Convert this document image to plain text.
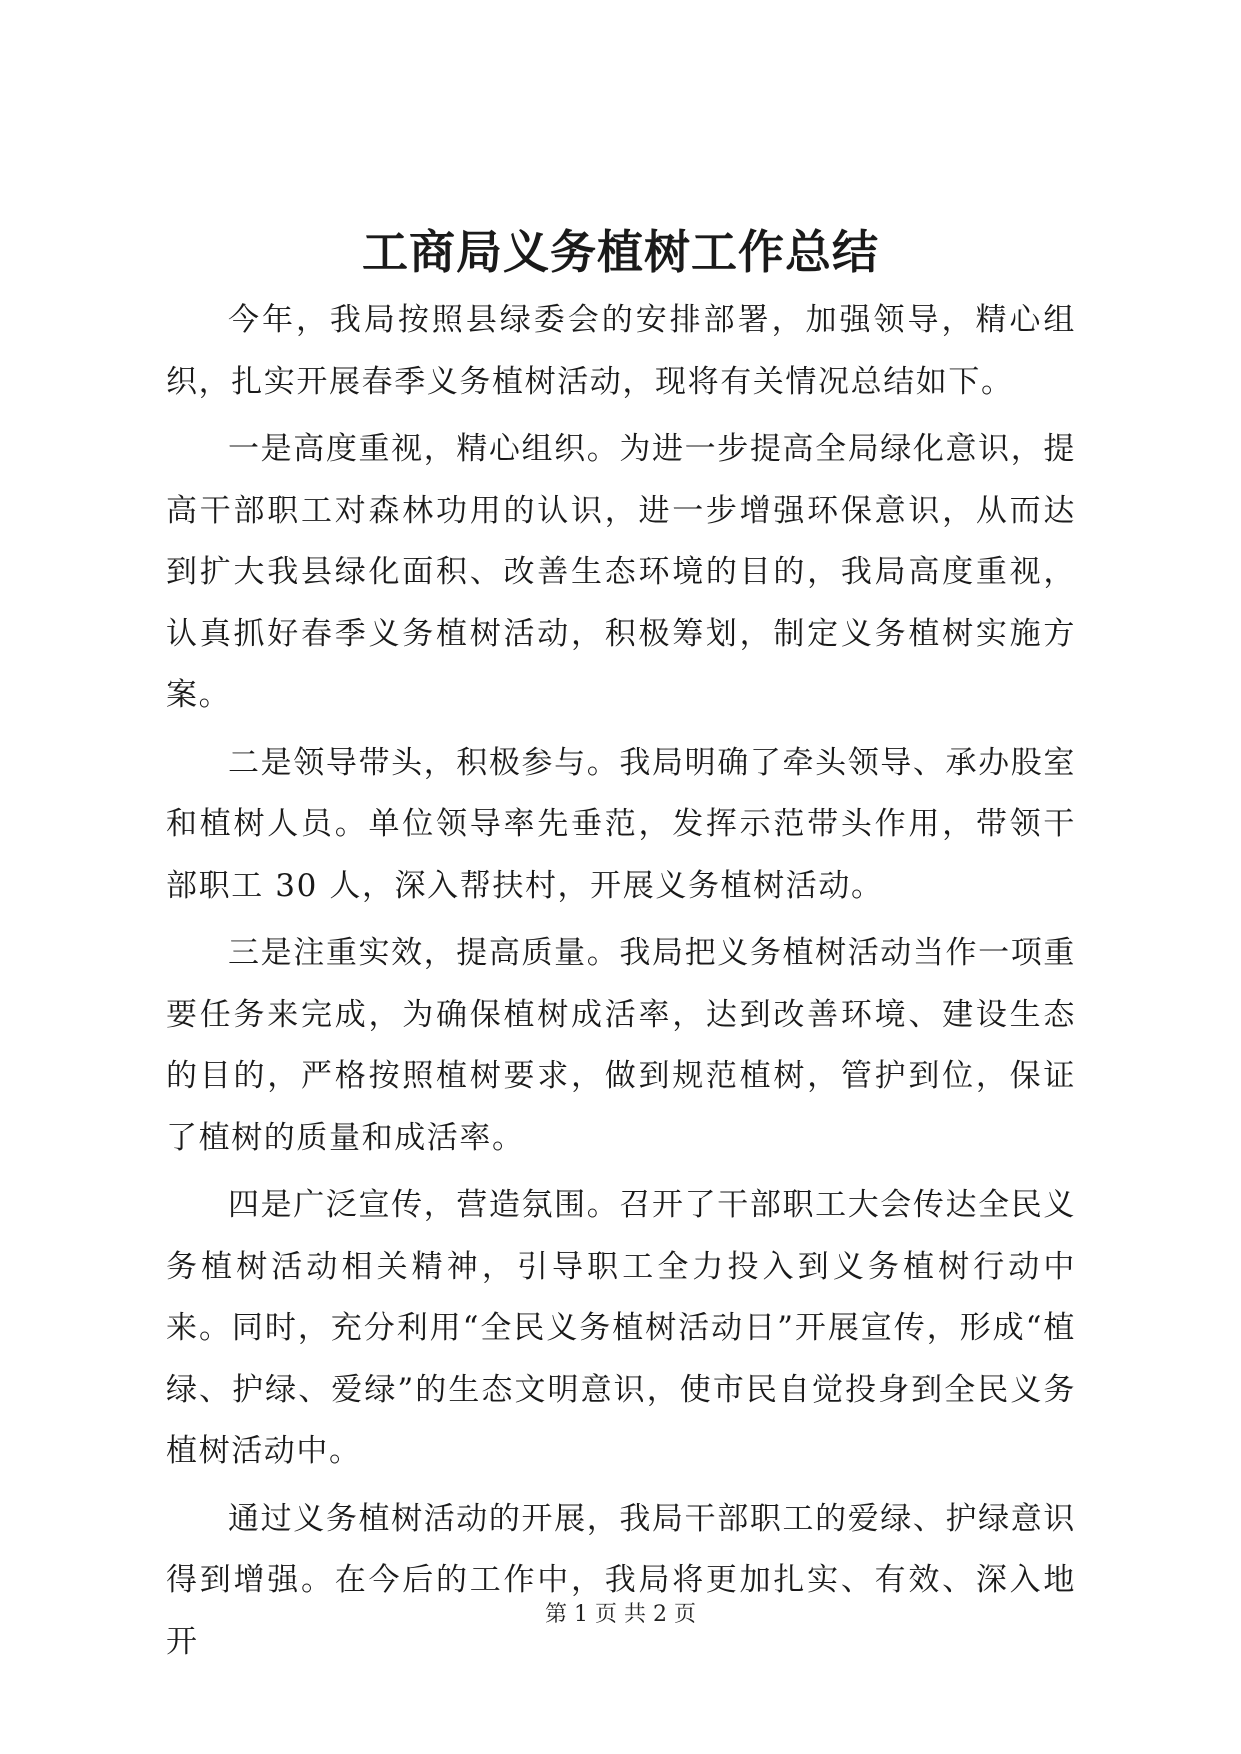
工商局义务植树工作总结

今年，我局按照县绿委会的安排部署，加强领导，精心组织，扎实开展春季义务植树活动，现将有关情况总结如下。

一是高度重视，精心组织。为进一步提高全局绿化意识，提高干部职工对森林功用的认识，进一步增强环保意识，从而达到扩大我县绿化面积、改善生态环境的目的，我局高度重视，认真抓好春季义务植树活动，积极筹划，制定义务植树实施方案。

二是领导带头，积极参与。我局明确了牵头领导、承办股室和植树人员。单位领导率先垂范，发挥示范带头作用，带领干部职工 30 人，深入帮扶村，开展义务植树活动。

三是注重实效，提高质量。我局把义务植树活动当作一项重要任务来完成，为确保植树成活率，达到改善环境、建设生态的目的，严格按照植树要求，做到规范植树，管护到位，保证了植树的质量和成活率。

四是广泛宣传，营造氛围。召开了干部职工大会传达全民义务植树活动相关精神，引导职工全力投入到义务植树行动中来。同时，充分利用“全民义务植树活动日”开展宣传，形成“植绿、护绿、爱绿”的生态文明意识，使市民自觉投身到全民义务植树活动中。

通过义务植树活动的开展，我局干部职工的爱绿、护绿意识得到增强。在今后的工作中，我局将更加扎实、有效、深入地开

第 1 页 共 2 页
